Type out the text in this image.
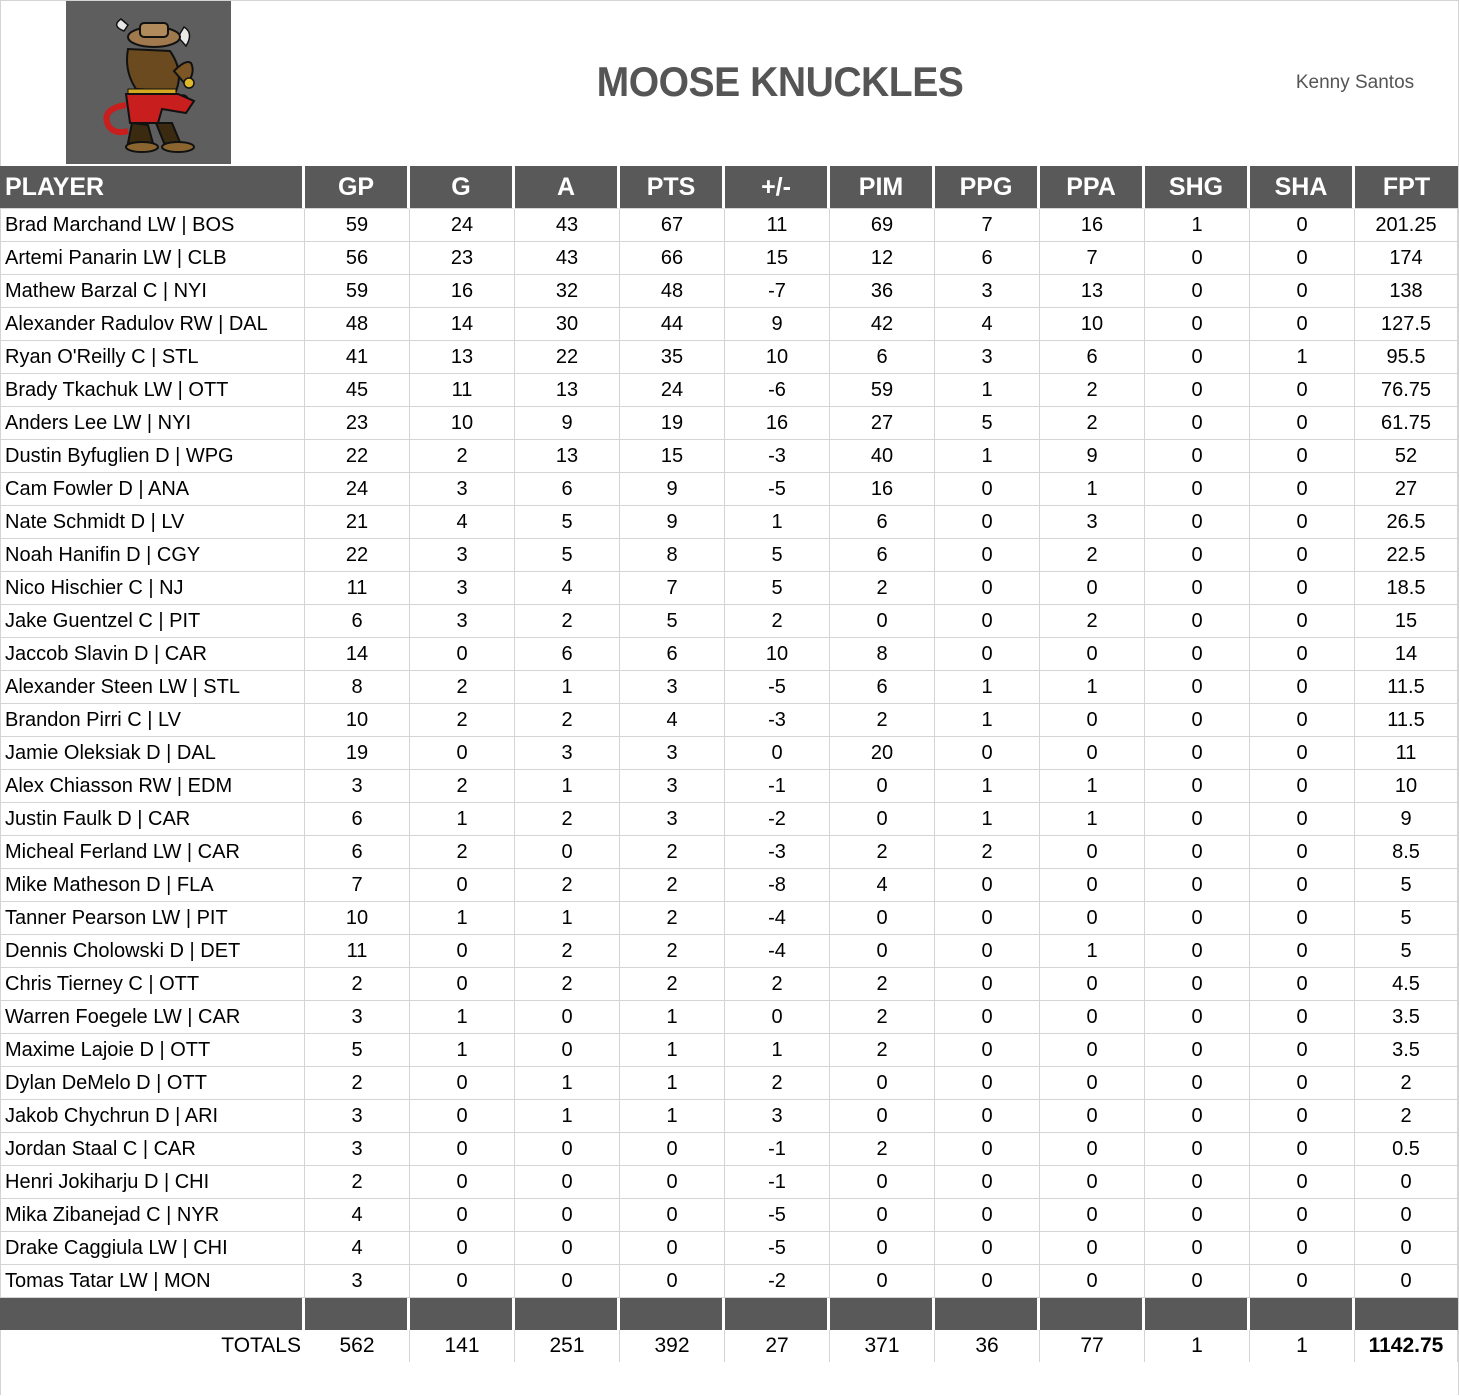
MOOSE KNUCKLES	Kenny Santos
PLAYER	GP	G	A	PTS	+/-	PIM	PPG	PPA	SHG	SHA	FPT
Brad Marchand LW | BOS	59	24	43	67	11	69	7	16	1	0	201.25
Artemi Panarin LW | CLB	56	23	43	66	15	12	6	7	0	0	174
Mathew Barzal C | NYI	59	16	32	48	-7	36	3	13	0	0	138
Alexander Radulov RW | DAL	48	14	30	44	9	42	4	10	0	0	127.5
Ryan O'Reilly C | STL	41	13	22	35	10	6	3	6	0	1	95.5
Brady Tkachuk LW | OTT	45	11	13	24	-6	59	1	2	0	0	76.75
Anders Lee LW | NYI	23	10	9	19	16	27	5	2	0	0	61.75
Dustin Byfuglien D | WPG	22	2	13	15	-3	40	1	9	0	0	52
Cam Fowler D | ANA	24	3	6	9	-5	16	0	1	0	0	27
Nate Schmidt D | LV	21	4	5	9	1	6	0	3	0	0	26.5
Noah Hanifin D | CGY	22	3	5	8	5	6	0	2	0	0	22.5
Nico Hischier C | NJ	11	3	4	7	5	2	0	0	0	0	18.5
Jake Guentzel C | PIT	6	3	2	5	2	0	0	2	0	0	15
Jaccob Slavin D | CAR	14	0	6	6	10	8	0	0	0	0	14
Alexander Steen LW | STL	8	2	1	3	-5	6	1	1	0	0	11.5
Brandon Pirri C | LV	10	2	2	4	-3	2	1	0	0	0	11.5
Jamie Oleksiak D | DAL	19	0	3	3	0	20	0	0	0	0	11
Alex Chiasson RW | EDM	3	2	1	3	-1	0	1	1	0	0	10
Justin Faulk D | CAR	6	1	2	3	-2	0	1	1	0	0	9
Micheal Ferland LW | CAR	6	2	0	2	-3	2	2	0	0	0	8.5
Mike Matheson D | FLA	7	0	2	2	-8	4	0	0	0	0	5
Tanner Pearson LW | PIT	10	1	1	2	-4	0	0	0	0	0	5
Dennis Cholowski D | DET	11	0	2	2	-4	0	0	1	0	0	5
Chris Tierney C | OTT	2	0	2	2	2	2	0	0	0	0	4.5
Warren Foegele LW | CAR	3	1	0	1	0	2	0	0	0	0	3.5
Maxime Lajoie D | OTT	5	1	0	1	1	2	0	0	0	0	3.5
Dylan DeMelo D | OTT	2	0	1	1	2	0	0	0	0	0	2
Jakob Chychrun D | ARI	3	0	1	1	3	0	0	0	0	0	2
Jordan Staal C | CAR	3	0	0	0	-1	2	0	0	0	0	0.5
Henri Jokiharju D | CHI	2	0	0	0	-1	0	0	0	0	0	0
Mika Zibanejad C | NYR	4	0	0	0	-5	0	0	0	0	0	0
Drake Caggiula LW | CHI	4	0	0	0	-5	0	0	0	0	0	0
Tomas Tatar LW | MON	3	0	0	0	-2	0	0	0	0	0	0

TOTALS	562	141	251	392	27	371	36	77	1	1	1142.75
